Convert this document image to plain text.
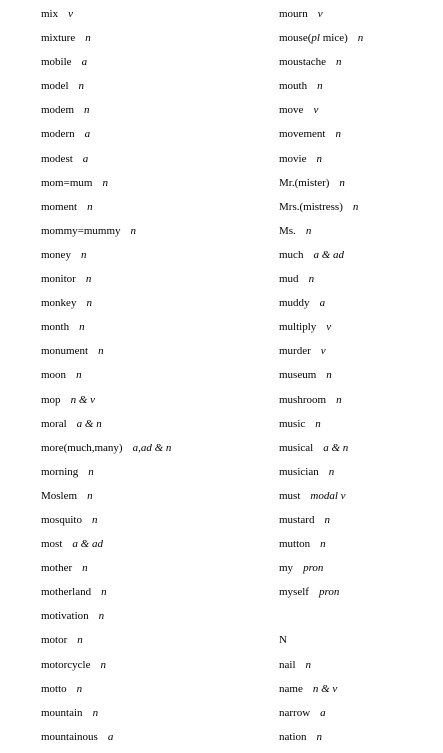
mix v
mixture n
mobile a
model n
modem n
modern a
modest a
mom=mum n
moment n
mommy=mummy n
money n
monitor n
monkey n
month n
monument n
moon n
mop n & v
moral a & n
more(much,many) a,ad & n
morning n
Moslem n
mosquito n
most a & ad
mother n
motherland n
motivation n
motor n
motorcycle n
motto n
mountain n
mountainous a
mourn v
mouse(pl mice) n
moustache n
mouth n
move v
movement n
movie n
Mr.(mister) n
Mrs.(mistress) n
Ms. n
much a & ad
mud n
muddy a
multiply v
murder v
museum n
mushroom n
music n
musical a & n
musician n
must modal v
mustard n
mutton n
my pron
myself pron
N
nail n
name n & v
narrow a
nation n
